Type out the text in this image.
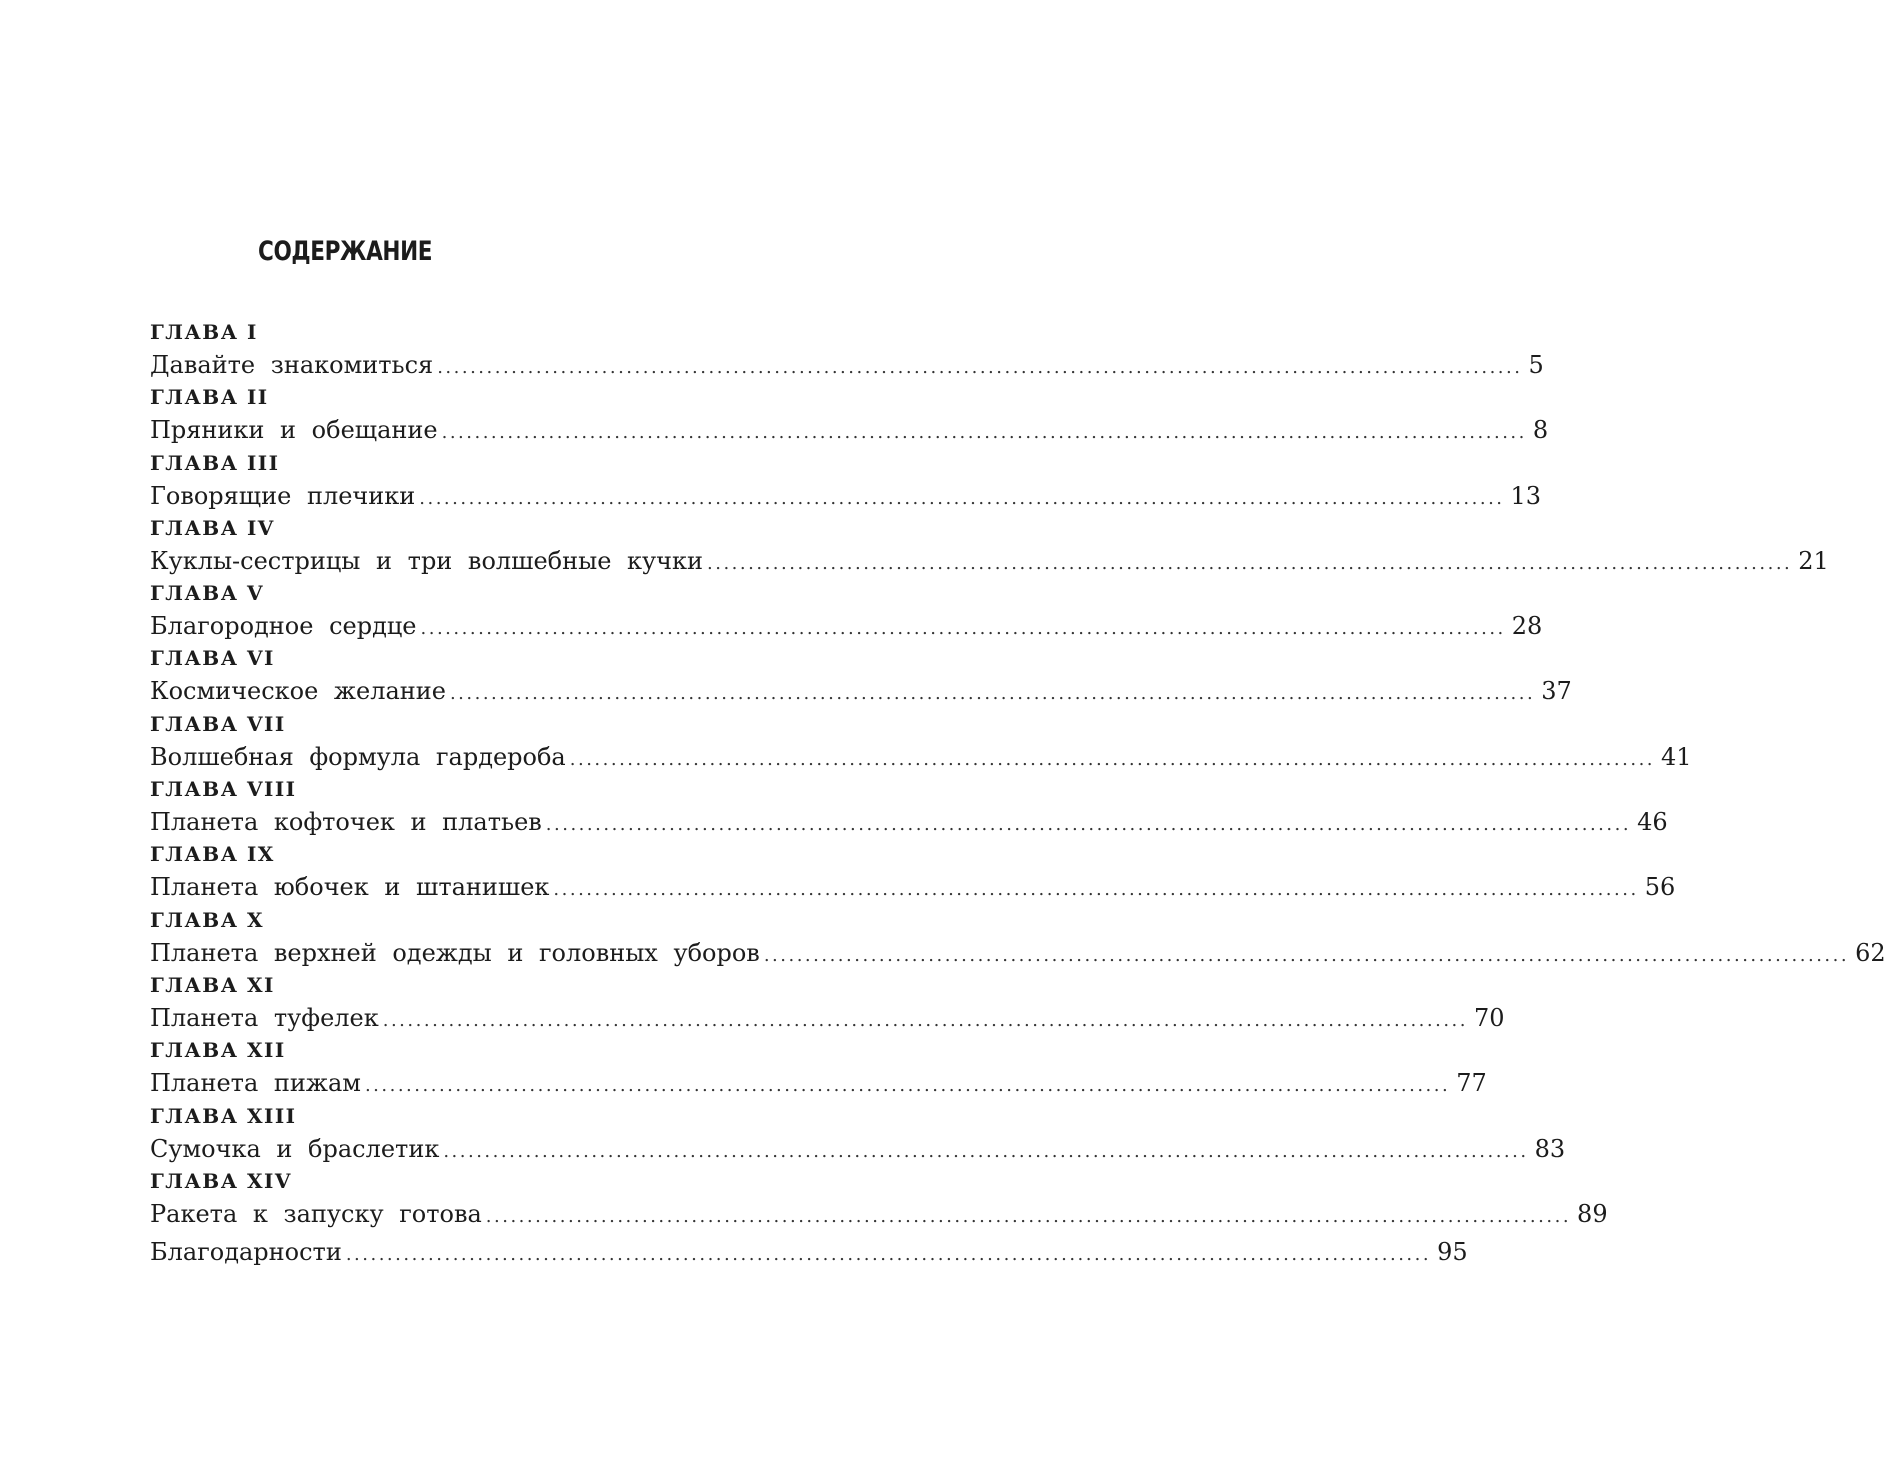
СОДЕРЖАНИЕ
ГЛАВА I
Давайте знакомиться .................................................................................................................................... 5
ГЛАВА II
Пряники и обещание .................................................................................................................................... 8
ГЛАВА III
Говорящие плечики .................................................................................................................................... 13
ГЛАВА IV
Куклы-сестрицы и три волшебные кучки .................................................................................................................................... 21
ГЛАВА V
Благородное сердце .................................................................................................................................... 28
ГЛАВА VI
Космическое желание .................................................................................................................................... 37
ГЛАВА VII
Волшебная формула гардероба .................................................................................................................................... 41
ГЛАВА VIII
Планета кофточек и платьев .................................................................................................................................... 46
ГЛАВА IX
Планета юбочек и штанишек .................................................................................................................................... 56
ГЛАВА X
Планета верхней одежды и головных уборов .................................................................................................................................... 62
ГЛАВА XI
Планета туфелек .................................................................................................................................... 70
ГЛАВА XII
Планета пижам .................................................................................................................................... 77
ГЛАВА XIII
Сумочка и браслетик .................................................................................................................................... 83
ГЛАВА XIV
Ракета к запуску готова .................................................................................................................................... 89
Благодарности .................................................................................................................................... 95
